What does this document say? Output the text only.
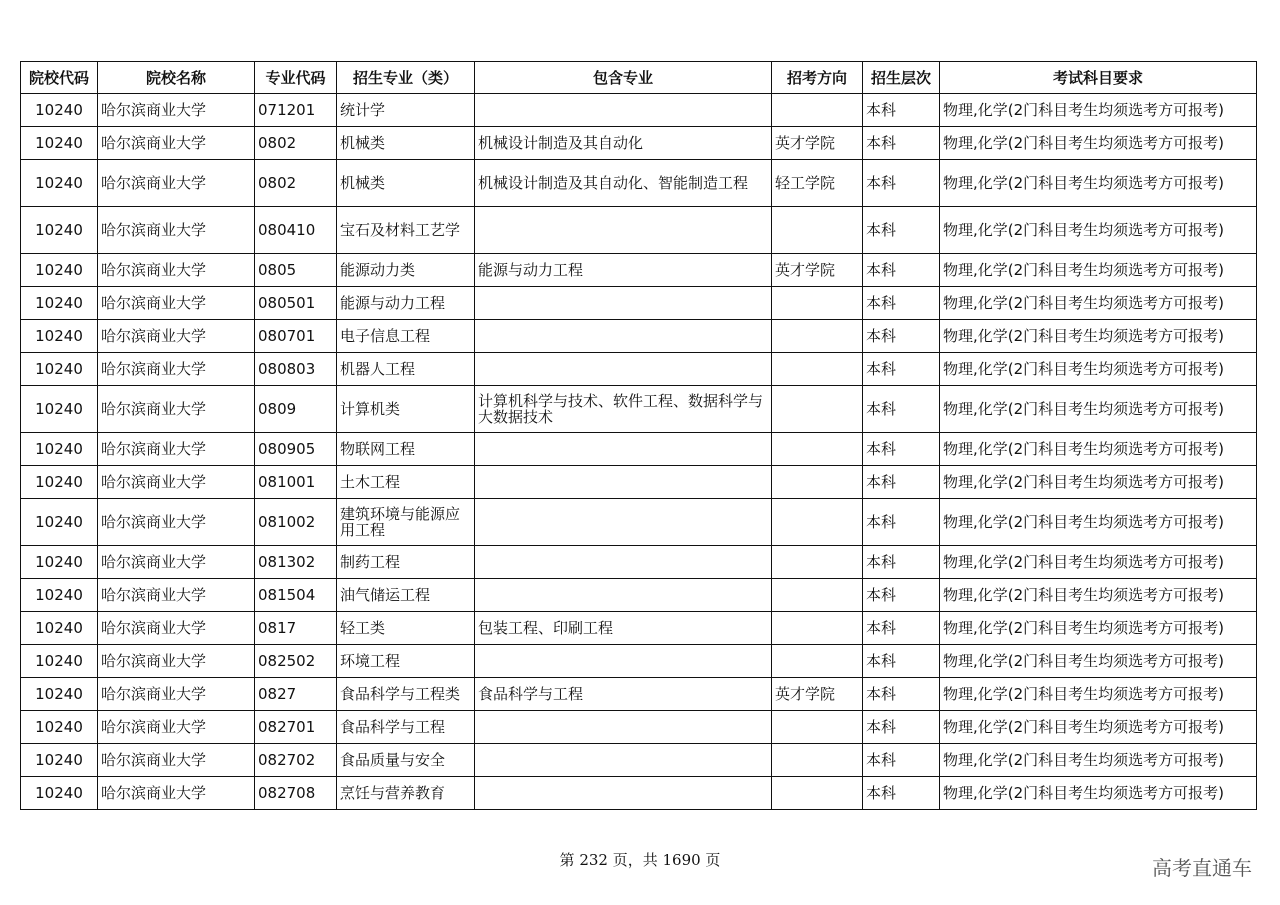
院校代码	院校名称	专业代码	招生专业（类）	包含专业	招考方向	招生层次	考试科目要求
10240	哈尔滨商业大学	071201	统计学			本科	物理,化学(2门科目考生均须选考方可报考)
10240	哈尔滨商业大学	0802	机械类	机械设计制造及其自动化	英才学院	本科	物理,化学(2门科目考生均须选考方可报考)
10240	哈尔滨商业大学	0802	机械类	机械设计制造及其自动化、智能制造工程	轻工学院	本科	物理,化学(2门科目考生均须选考方可报考)
10240	哈尔滨商业大学	080410	宝石及材料工艺学			本科	物理,化学(2门科目考生均须选考方可报考)
10240	哈尔滨商业大学	0805	能源动力类	能源与动力工程	英才学院	本科	物理,化学(2门科目考生均须选考方可报考)
10240	哈尔滨商业大学	080501	能源与动力工程			本科	物理,化学(2门科目考生均须选考方可报考)
10240	哈尔滨商业大学	080701	电子信息工程			本科	物理,化学(2门科目考生均须选考方可报考)
10240	哈尔滨商业大学	080803	机器人工程			本科	物理,化学(2门科目考生均须选考方可报考)
10240	哈尔滨商业大学	0809	计算机类	计算机科学与技术、软件工程、数据科学与大数据技术		本科	物理,化学(2门科目考生均须选考方可报考)
10240	哈尔滨商业大学	080905	物联网工程			本科	物理,化学(2门科目考生均须选考方可报考)
10240	哈尔滨商业大学	081001	土木工程			本科	物理,化学(2门科目考生均须选考方可报考)
10240	哈尔滨商业大学	081002	建筑环境与能源应用工程			本科	物理,化学(2门科目考生均须选考方可报考)
10240	哈尔滨商业大学	081302	制药工程			本科	物理,化学(2门科目考生均须选考方可报考)
10240	哈尔滨商业大学	081504	油气储运工程			本科	物理,化学(2门科目考生均须选考方可报考)
10240	哈尔滨商业大学	0817	轻工类	包装工程、印刷工程		本科	物理,化学(2门科目考生均须选考方可报考)
10240	哈尔滨商业大学	082502	环境工程			本科	物理,化学(2门科目考生均须选考方可报考)
10240	哈尔滨商业大学	0827	食品科学与工程类	食品科学与工程	英才学院	本科	物理,化学(2门科目考生均须选考方可报考)
10240	哈尔滨商业大学	082701	食品科学与工程			本科	物理,化学(2门科目考生均须选考方可报考)
10240	哈尔滨商业大学	082702	食品质量与安全			本科	物理,化学(2门科目考生均须选考方可报考)
10240	哈尔滨商业大学	082708	烹饪与营养教育			本科	物理,化学(2门科目考生均须选考方可报考)
第 232 页，共 1690 页	高考直通车
